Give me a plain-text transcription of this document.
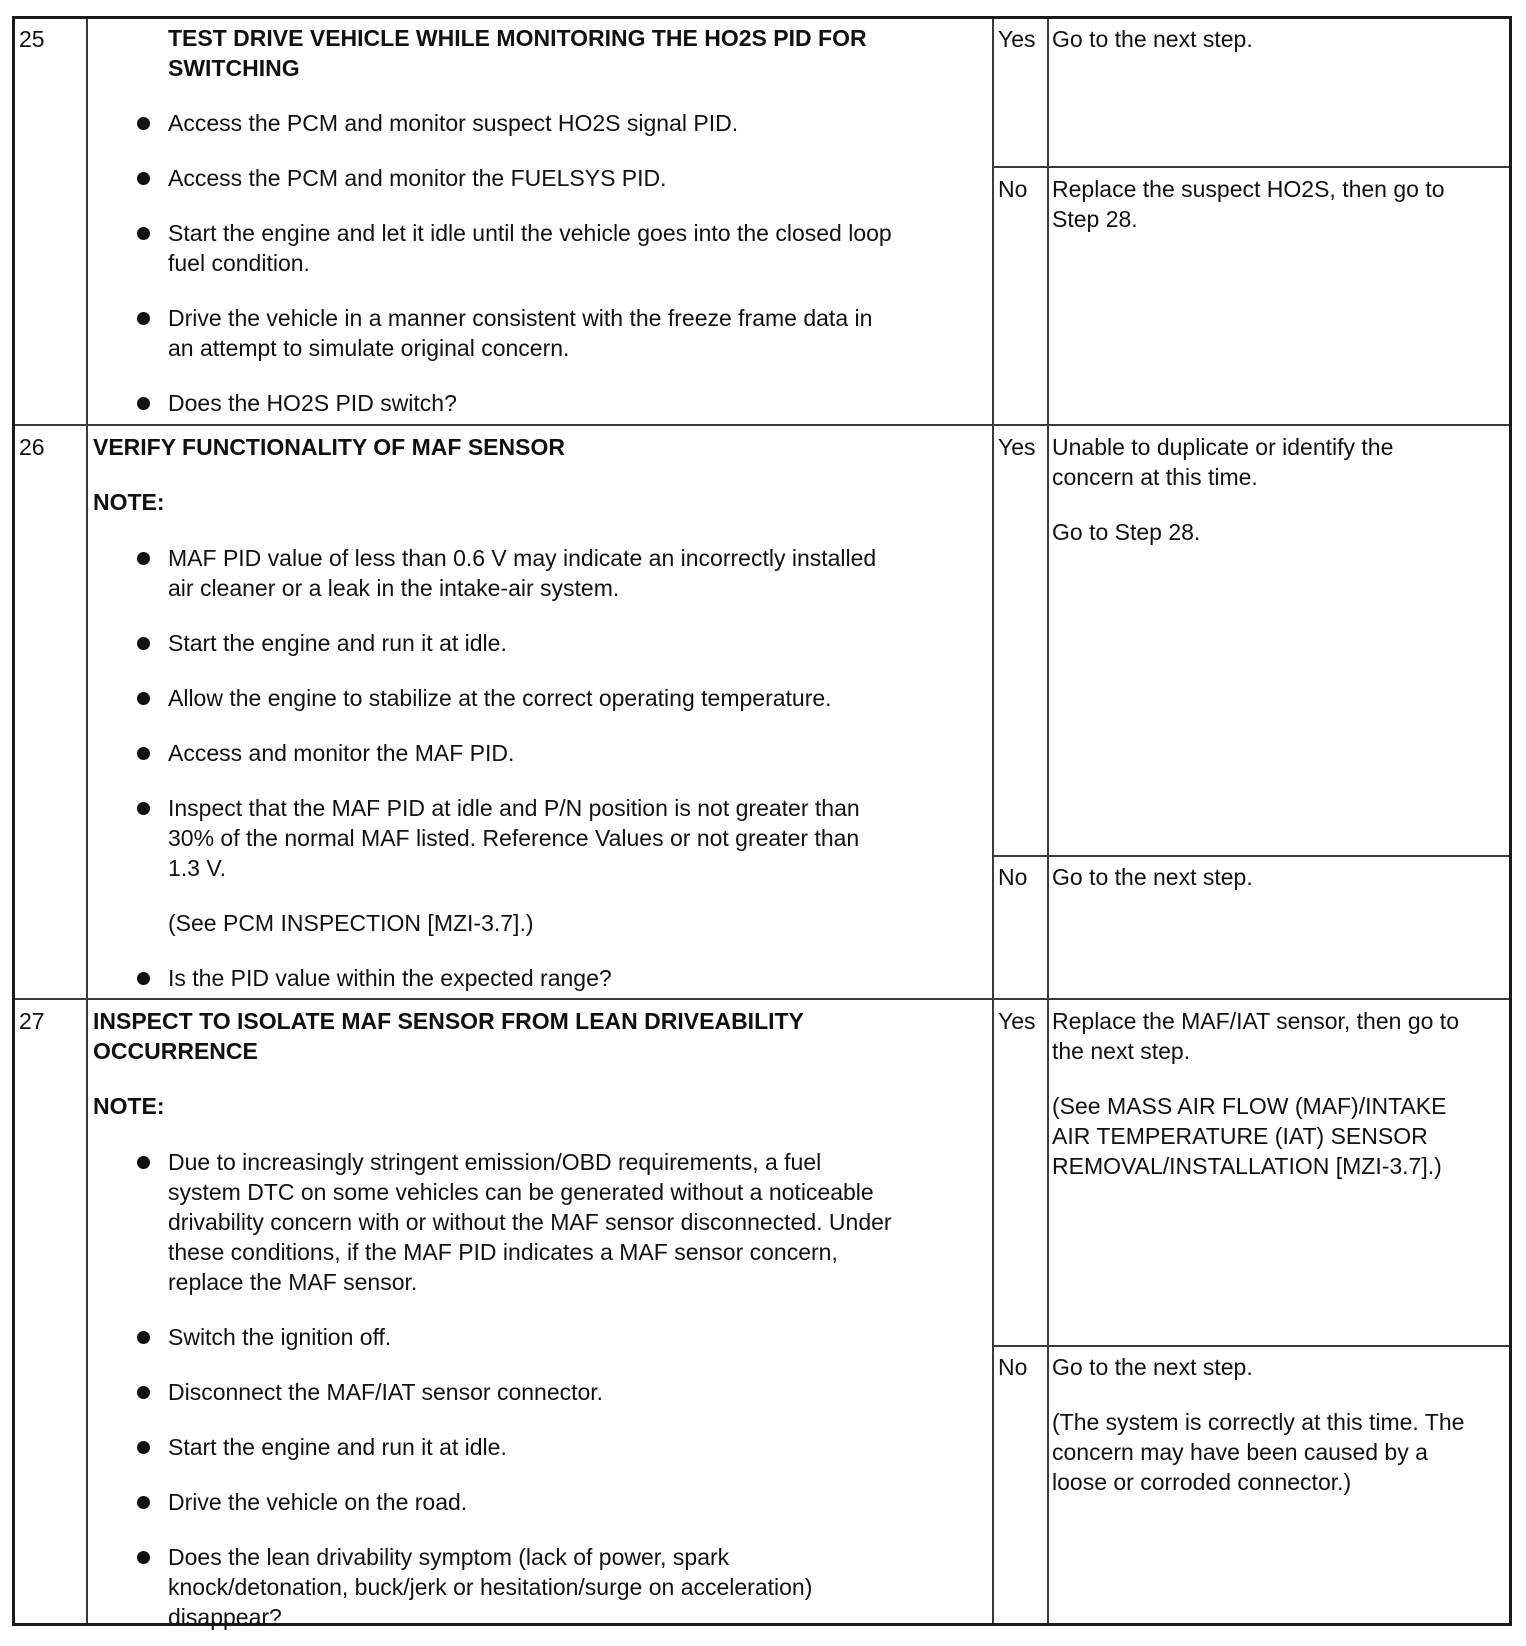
25	TEST DRIVE VEHICLE WHILE MONITORING THE HO2S PID FOR
SWITCHING
Access the PCM and monitor suspect HO2S signal PID.
Access the PCM and monitor the FUELSYS PID.
Start the engine and let it idle until the vehicle goes into the closed loop
fuel condition.
Drive the vehicle in a manner consistent with the freeze frame data in
an attempt to simulate original concern.
Does the HO2S PID switch?
Yes Go to the next step.
No Replace the suspect HO2S, then go to
Step 28.
26 VERIFY FUNCTIONALITY OF MAF SENSOR
NOTE:
MAF PID value of less than 0.6 V may indicate an incorrectly installed
air cleaner or a leak in the intake-air system.
Start the engine and run it at idle.
Allow the engine to stabilize at the correct operating temperature.
Access and monitor the MAF PID.
Inspect that the MAF PID at idle and P/N position is not greater than
30% of the normal MAF listed. Reference Values or not greater than
1.3 V.
(See PCM INSPECTION [MZI-3.7].)
Is the PID value within the expected range?
Yes Unable to duplicate or identify the
concern at this time.
Go to Step 28.
No Go to the next step.
27 INSPECT TO ISOLATE MAF SENSOR FROM LEAN DRIVEABILITY
OCCURRENCE
NOTE:
Due to increasingly stringent emission/OBD requirements, a fuel
system DTC on some vehicles can be generated without a noticeable
drivability concern with or without the MAF sensor disconnected. Under
these conditions, if the MAF PID indicates a MAF sensor concern,
replace the MAF sensor.
Switch the ignition off.
Disconnect the MAF/IAT sensor connector.
Start the engine and run it at idle.
Drive the vehicle on the road.
Does the lean drivability symptom (lack of power, spark
knock/detonation, buck/jerk or hesitation/surge on acceleration)
disappear?
Yes Replace the MAF/IAT sensor, then go to
the next step.
(See MASS AIR FLOW (MAF)/INTAKE
AIR TEMPERATURE (IAT) SENSOR
REMOVAL/INSTALLATION [MZI-3.7].)
No Go to the next step.
(The system is correctly at this time. The
concern may have been caused by a
loose or corroded connector.)
